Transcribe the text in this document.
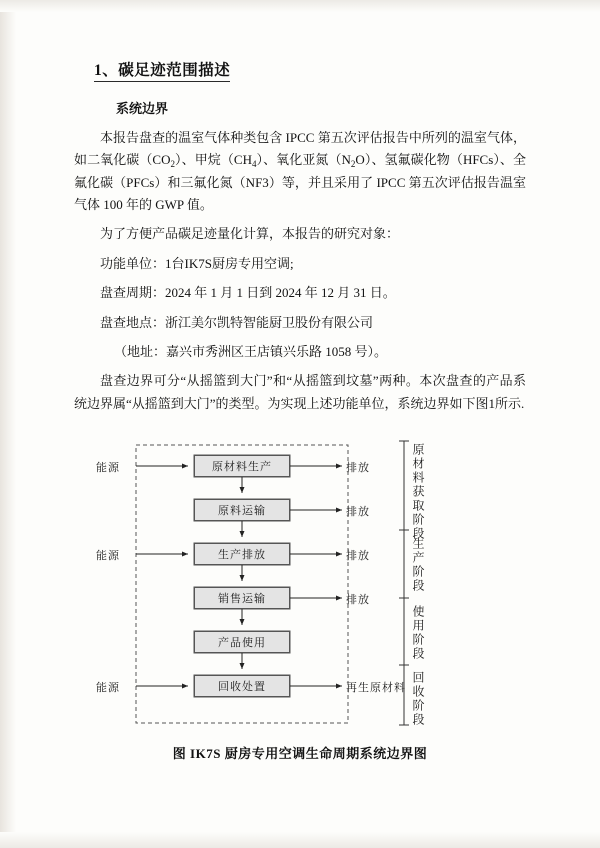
1、碳足迹范围描述
系统边界

本报告盘查的温室气体种类包含 IPCC 第五次评估报告中所列的温室气体，如二氧化碳$(CO_2)$、甲烷$(CH_4)$、氧化亚氮$(N_2O)$、氢氟碳化物（HFCs）、全氟化碳（PFCs）和三氟化氮（NF3）等，并且采用了 IPCC 第五次评估报告温室气体 100 年的 GWP 值。

为了方便产品碳足迹量化计算，本报告的研究对象：

功能单位：1台IK7S厨房专用空调;

盘查周期：2024 年 1 月 1 日到 2024 年 12 月 31 日。

盘查地点：浙江美尔凯特智能厨卫股份有限公司

（地址：嘉兴市秀洲区王店镇兴乐路 1058 号）。

盘查边界可分“从摇篮到大门”和“从摇篮到坟墓”两种。本次盘查的产品系统边界属“从摇篮到大门”的类型。为实现上述功能单位，系统边界如下图1所示.

原材料生产
原料运输
生产排放
销售运输
产品使用
回收处置
能源
能源
能源
排放
排放
排放
排放
再生原材料
原材料获取阶段
生产阶段
使用阶段
回收阶段
图 IK7S 厨房专用空调生命周期系统边界图
